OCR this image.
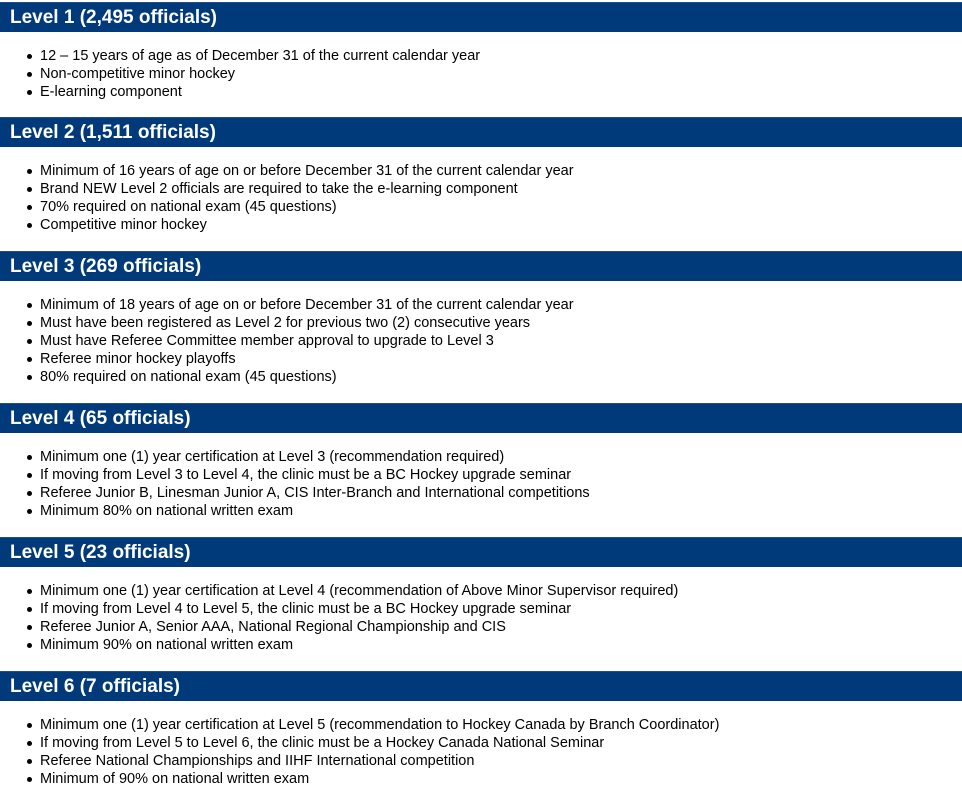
Level 1 (2,495 officials)
12 – 15 years of age as of December 31 of the current calendar year
Non-competitive minor hockey
E-learning component
Level 2 (1,511 officials)
Minimum of 16 years of age on or before December 31 of the current calendar year
Brand NEW Level 2 officials are required to take the e-learning component
70% required on national exam (45 questions)
Competitive minor hockey
Level 3 (269 officials)
Minimum of 18 years of age on or before December 31 of the current calendar year
Must have been registered as Level 2 for previous two (2) consecutive years
Must have Referee Committee member approval to upgrade to Level 3
Referee minor hockey playoffs
80% required on national exam (45 questions)
Level 4 (65 officials)
Minimum one (1) year certification at Level 3 (recommendation required)
If moving from Level 3 to Level 4, the clinic must be a BC Hockey upgrade seminar
Referee Junior B, Linesman Junior A, CIS Inter-Branch and International competitions
Minimum 80% on national written exam
Level 5 (23 officials)
Minimum one (1) year certification at Level 4 (recommendation of Above Minor Supervisor required)
If moving from Level 4 to Level 5, the clinic must be a BC Hockey upgrade seminar
Referee Junior A, Senior AAA, National Regional Championship and CIS
Minimum 90% on national written exam
Level 6 (7 officials)
Minimum one (1) year certification at Level 5 (recommendation to Hockey Canada by Branch Coordinator)
If moving from Level 5 to Level 6, the clinic must be a Hockey Canada National Seminar
Referee National Championships and IIHF International competition
Minimum of 90% on national written exam
